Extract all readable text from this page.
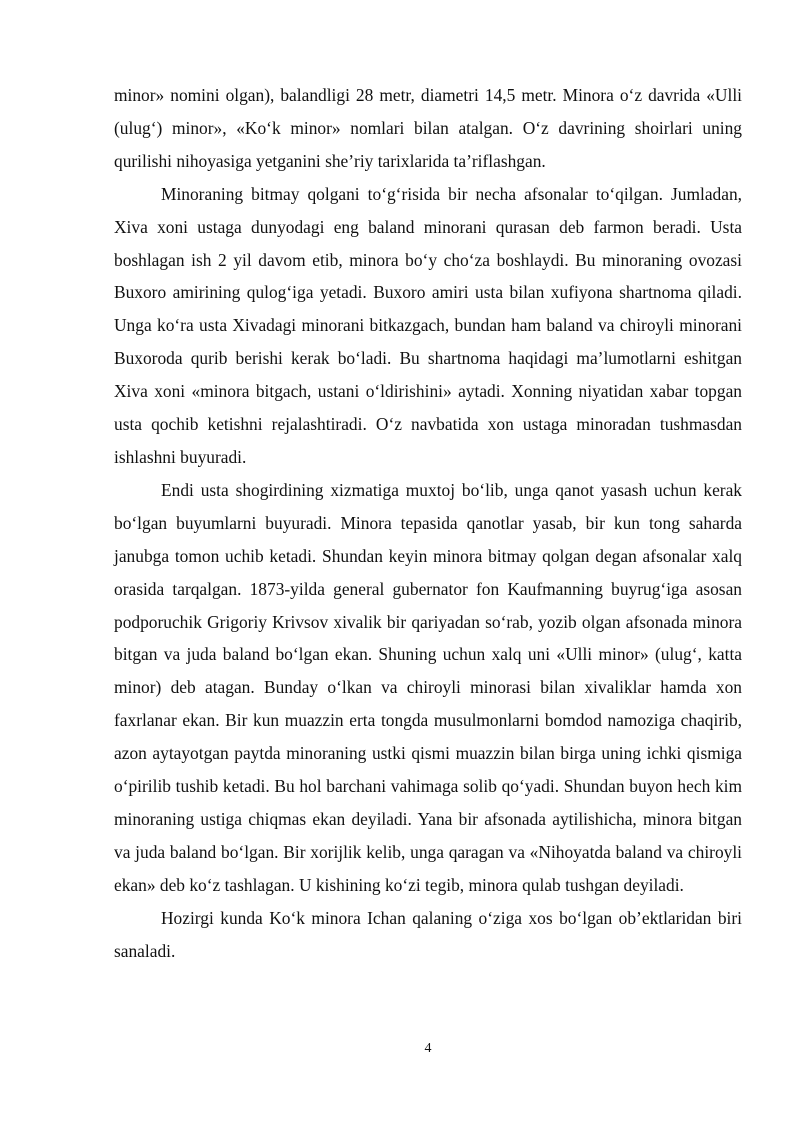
minor» nomini olgan), balandligi 28 metr, diametri 14,5 metr. Minora o‘z davrida «Ulli (ulug‘) minor», «Ko‘k minor» nomlari bilan atalgan. O‘z davrining shoirlari uning qurilishi nihoyasiga yetganini she’riy tarixlarida ta’riflashgan.

Minoraning bitmay qolgani to‘g‘risida bir necha afsonalar to‘qilgan. Jumladan, Xiva xoni ustaga dunyodagi eng baland minorani qurasan deb farmon beradi. Usta boshlagan ish 2 yil davom etib, minora bo‘y cho‘za boshlaydi. Bu minoraning ovozasi Buxoro amirining qulog‘iga yetadi. Buxoro amiri usta bilan xufiyona shartnoma qiladi. Unga ko‘ra usta Xivadagi minorani bitkazgach, bundan ham baland va chiroyli minorani Buxoroda qurib berishi kerak bo‘ladi. Bu shartnoma haqidagi ma’lumotlarni eshitgan Xiva xoni «minora bitgach, ustani o‘ldirishini» aytadi. Xonning niyatidan xabar topgan usta qochib ketishni rejalashtiradi. O‘z navbatida xon ustaga minoradan tushmasdan ishlashni buyuradi.

Endi usta shogirdining xizmatiga muxtoj bo‘lib, unga qanot yasash uchun kerak bo‘lgan buyumlarni buyuradi. Minora tepasida qanotlar yasab, bir kun tong saharda janubga tomon uchib ketadi. Shundan keyin minora bitmay qolgan degan afsonalar xalq orasida tarqalgan. 1873-yilda general gubernator fon Kaufmanning buyrug‘iga asosan podporuchik Grigoriy Krivsov xivalik bir qariyadan so‘rab, yozib olgan afsonada minora bitgan va juda baland bo‘lgan ekan. Shuning uchun xalq uni «Ulli minor» (ulug‘, katta minor) deb atagan. Bunday o‘lkan va chiroyli minorasi bilan xivaliklar hamda xon faxrlanar ekan. Bir kun muazzin erta tongda musulmonlarni bomdod namoziga chaqirib, azon aytayotgan paytda minoraning ustki qismi muazzin bilan birga uning ichki qismiga o‘pirilib tushib ketadi. Bu hol barchani vahimaga solib qo‘yadi. Shundan buyon hech kim minoraning ustiga chiqmas ekan deyiladi. Yana bir afsonada aytilishicha, minora bitgan va juda baland bo‘lgan. Bir xorijlik kelib, unga qaragan va «Nihoyatda baland va chiroyli ekan» deb ko‘z tashlagan. U kishining ko‘zi tegib, minora qulab tushgan deyiladi.

Hozirgi kunda Ko‘k minora Ichan qalaning o‘ziga xos bo‘lgan ob’ektlaridan biri sanaladi.

4
